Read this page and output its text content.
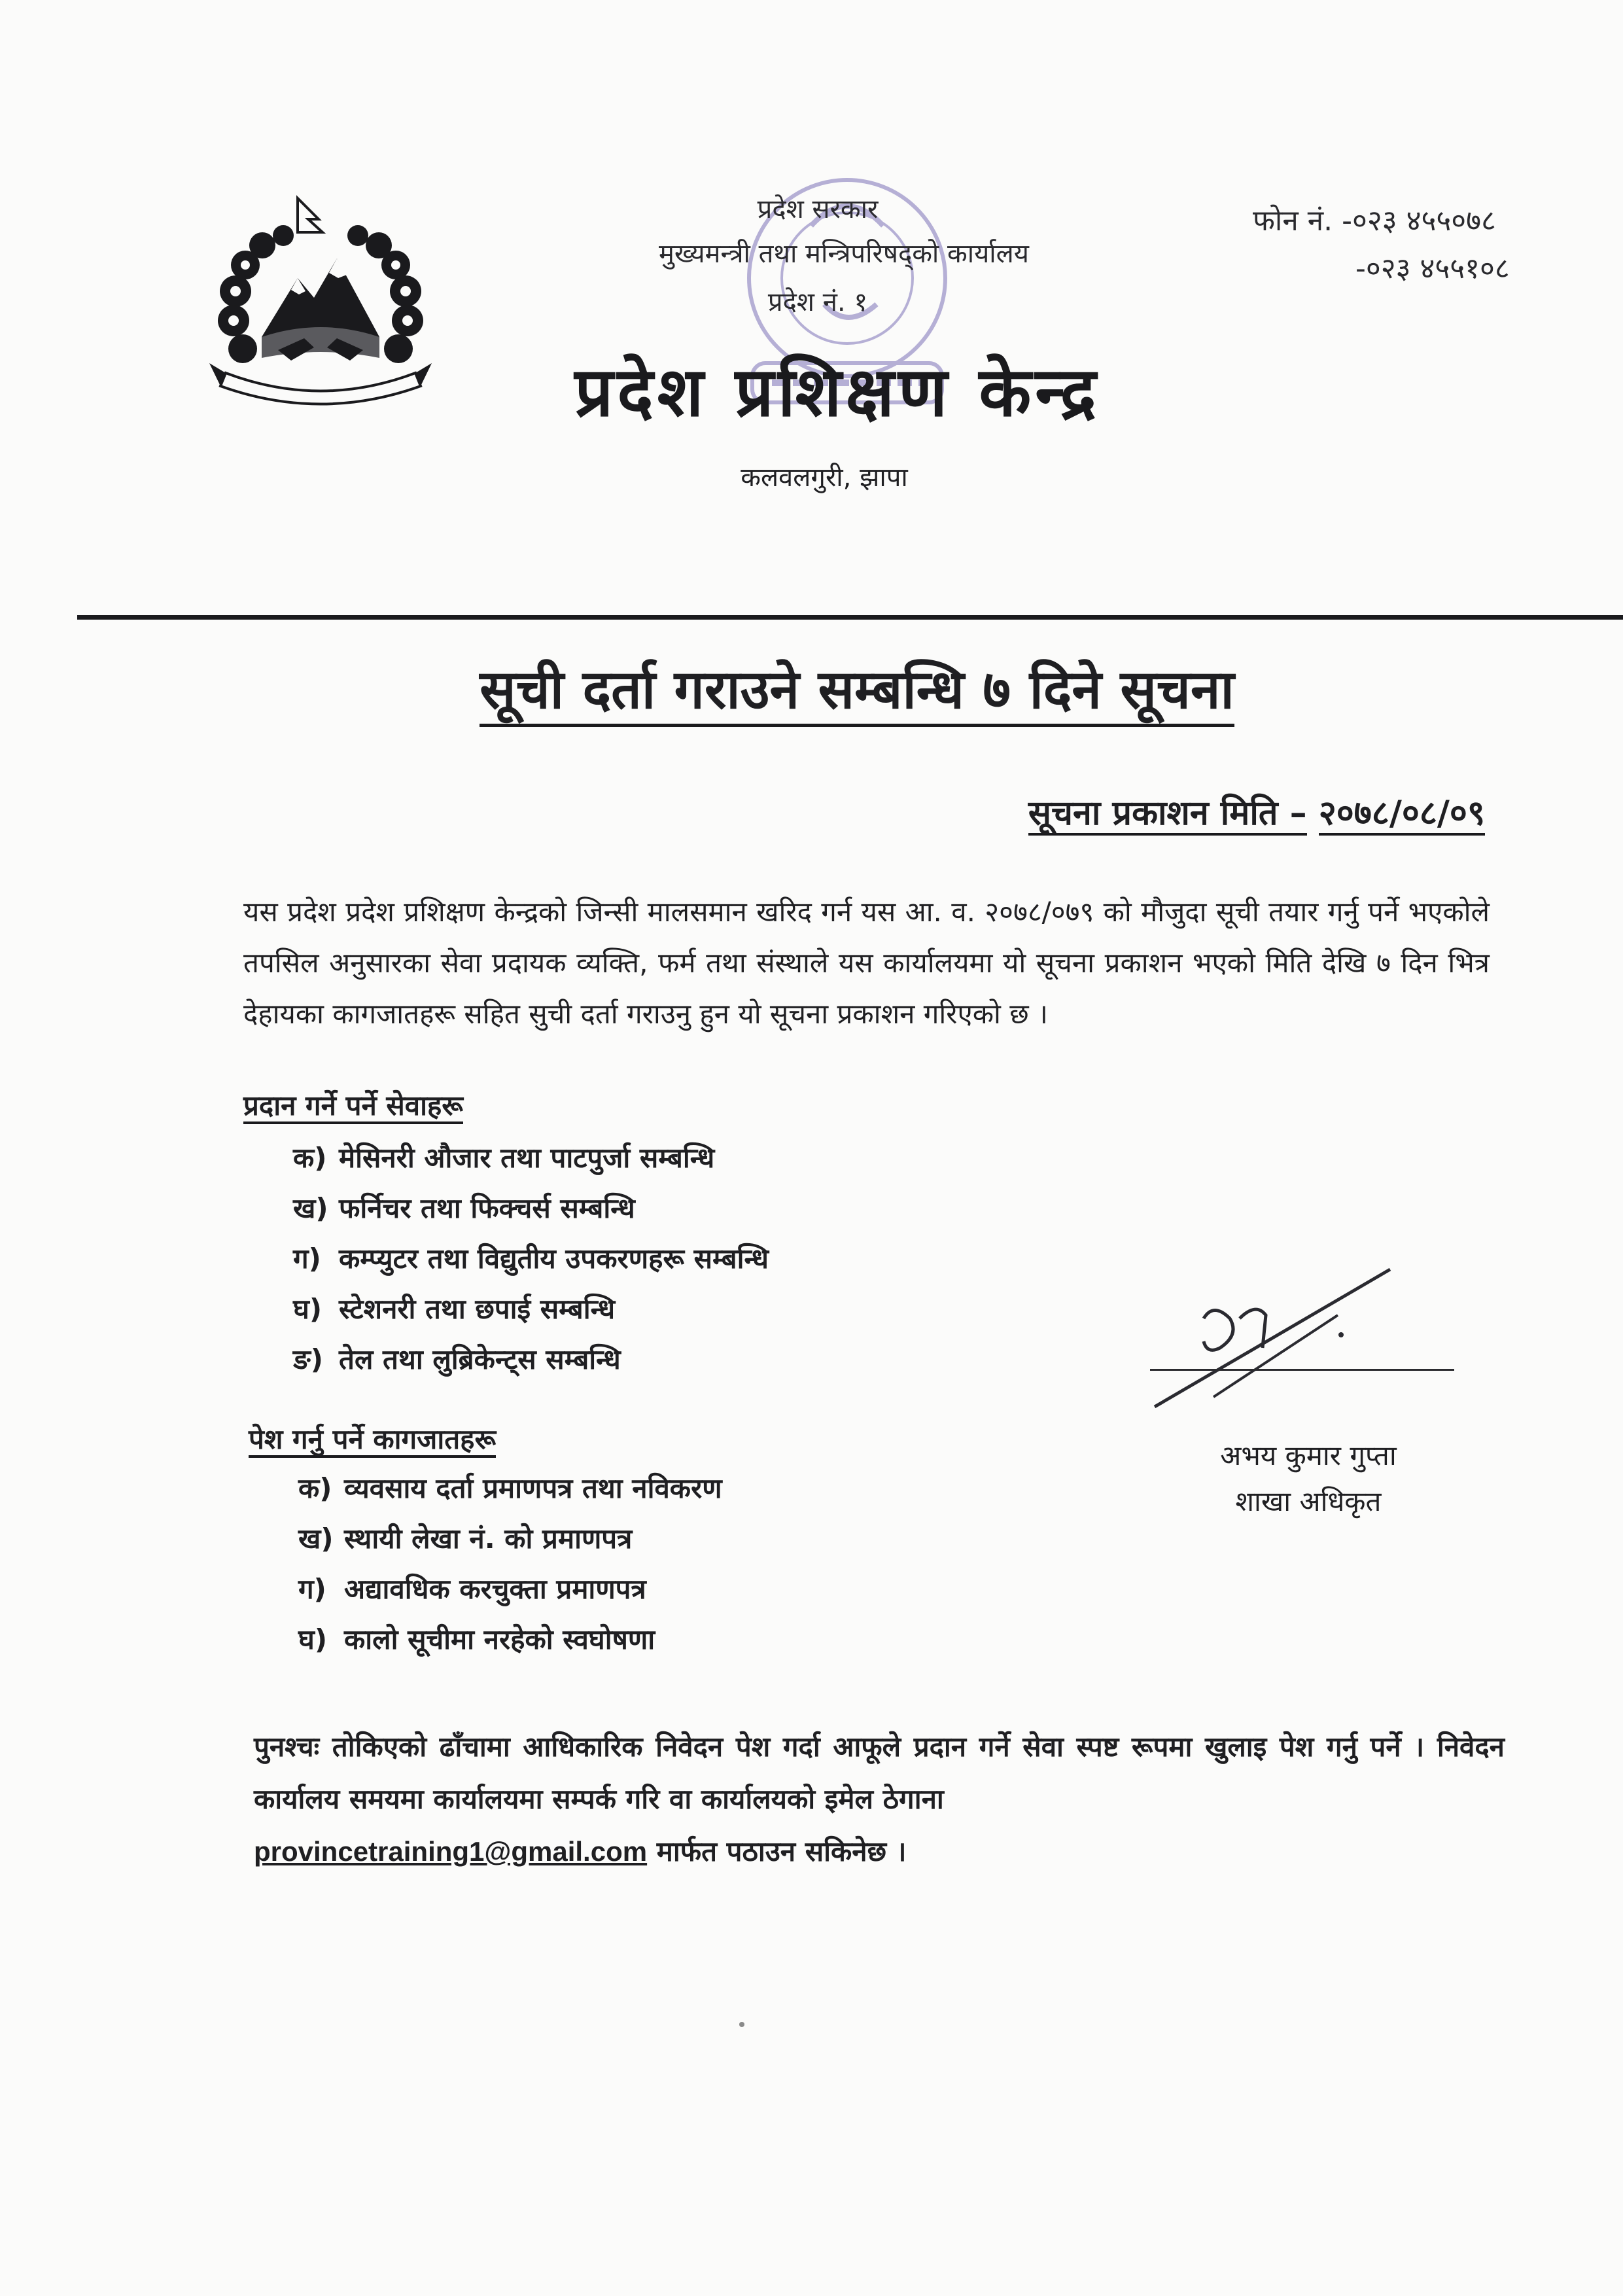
प्रदेश सरकार
मुख्यमन्त्री तथा मन्त्रिपरिषद्को कार्यालय
प्रदेश नं. १
प्रदेश प्रशिक्षण केन्द्र
कलवलगुरी, झापा
फोन नं. -०२३ ४५५०७८
-०२३ ४५५१०८
सूची दर्ता गराउने सम्बन्धि ७ दिने सूचना
सूचना प्रकाशन मिति – २०७८/०८/०९
यस प्रदेश प्रदेश प्रशिक्षण केन्द्रको जिन्सी मालसमान खरिद गर्न यस आ. व. २०७८/०७९ को मौजुदा सूची तयार गर्नु पर्ने भएकोले तपसिल अनुसारका सेवा प्रदायक व्यक्ति, फर्म तथा संस्थाले यस कार्यालयमा यो सूचना प्रकाशन भएको मिति देखि ७ दिन भित्र देहायका कागजातहरू सहित सुची दर्ता गराउनु हुन यो सूचना प्रकाशन गरिएको छ ।
प्रदान गर्ने पर्ने सेवाहरू
क) मेसिनरी औजार तथा पाटपुर्जा सम्बन्धि
ख) फर्निचर तथा फिक्चर्स सम्बन्धि
ग) कम्प्युटर तथा विद्युतीय उपकरणहरू सम्बन्धि
घ) स्टेशनरी तथा छपाई सम्बन्धि
ङ) तेल तथा लुब्रिकेन्ट्स सम्बन्धि
पेश गर्नु पर्ने कागजातहरू
क) व्यवसाय दर्ता प्रमाणपत्र तथा नविकरण
ख) स्थायी लेखा नं. को प्रमाणपत्र
ग) अद्यावधिक करचुक्ता प्रमाणपत्र
घ) कालो सूचीमा नरहेको स्वघोषणा
अभय कुमार गुप्ता
शाखा अधिकृत
पुनश्चः तोकिएको ढाँचामा आधिकारिक निवेदन पेश गर्दा आफूले प्रदान गर्ने सेवा स्पष्ट रूपमा खुलाइ पेश गर्नु पर्ने । निवेदन कार्यालय समयमा कार्यालयमा सम्पर्क गरि वा कार्यालयको इमेल ठेगाना
provincetraining1@gmail.com मार्फत पठाउन सकिनेछ ।
